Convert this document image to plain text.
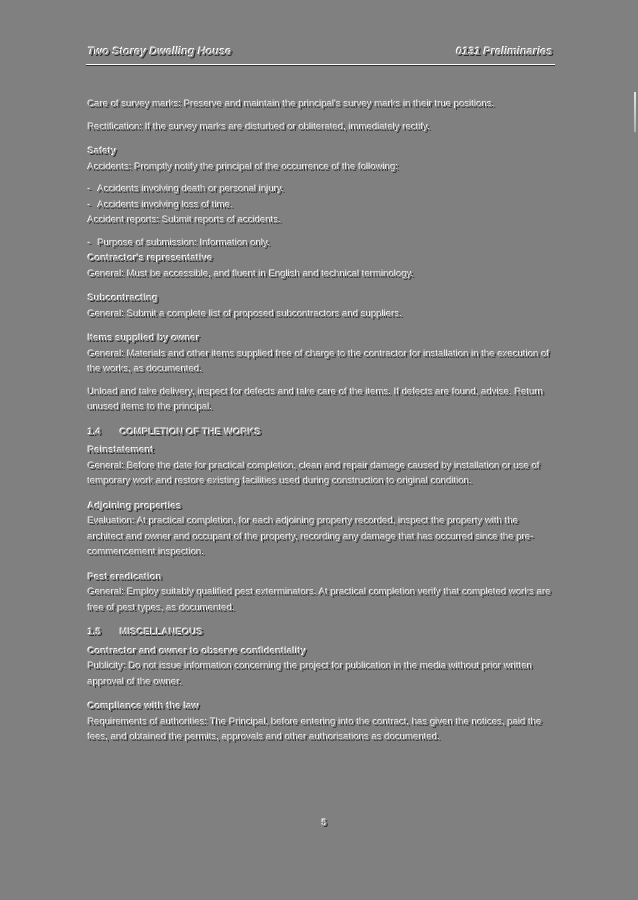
Two Storey Dwelling House	0131 Preliminaries

Care of survey marks: Preserve and maintain the principal's survey marks in their true positions.

Rectification: If the survey marks are disturbed or obliterated, immediately rectify.

Safety
Accidents: Promptly notify the principal of the occurrence of the following:
- Accidents involving death or personal injury.
- Accidents involving loss of time.
Accident reports: Submit reports of accidents.
- Purpose of submission: Information only.
Contractor's representative
General: Must be accessible, and fluent in English and technical terminology.
Subcontracting
General: Submit a complete list of proposed subcontractors and suppliers.
Items supplied by owner
General: Materials and other items supplied free of charge to the contractor for installation in the execution of the works, as documented.
Unload and take delivery, inspect for defects and take care of the items. If defects are found, advise. Return unused items to the principal.
1.4 COMPLETION OF THE WORKS
Reinstatement
General: Before the date for practical completion, clean and repair damage caused by installation or use of temporary work and restore existing facilities used during construction to original condition.
Adjoining properties
Evaluation: At practical completion, for each adjoining property recorded, inspect the property with the architect and owner and occupant of the property, recording any damage that has occurred since the pre-commencement inspection.
Pest eradication
General: Employ suitably qualified pest exterminators. At practical completion verify that completed works are free of pest types, as documented.
1.5 MISCELLANEOUS
Contractor and owner to observe confidentiality
Publicity: Do not issue information concerning the project for publication in the media without prior written approval of the owner.
Compliance with the law
Requirements of authorities: The Principal, before entering into the contract, has given the notices, paid the fees, and obtained the permits, approvals and other authorisations as documented.
5
